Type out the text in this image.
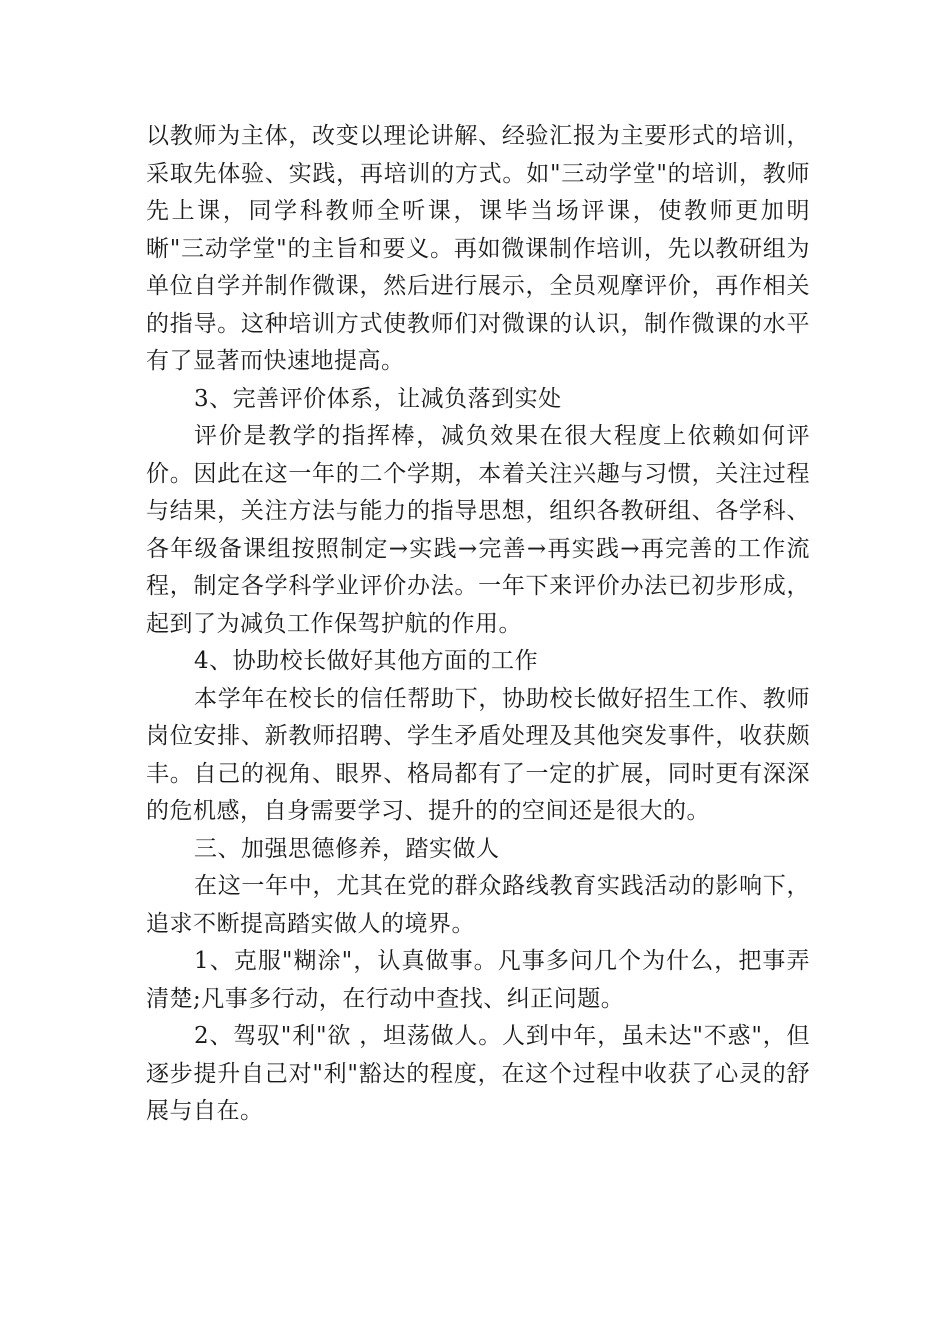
以教师为主体，改变以理论讲解、经验汇报为主要形式的培训，采取先体验、实践，再培训的方式。如"三动学堂"的培训，教师先上课，同学科教师全听课，课毕当场评课，使教师更加明晰"三动学堂"的主旨和要义。再如微课制作培训，先以教研组为单位自学并制作微课，然后进行展示，全员观摩评价，再作相关的指导。这种培训方式使教师们对微课的认识，制作微课的水平有了显著而快速地提高。

3、完善评价体系，让减负落到实处

评价是教学的指挥棒，减负效果在很大程度上依赖如何评价。因此在这一年的二个学期，本着关注兴趣与习惯，关注过程与结果，关注方法与能力的指导思想，组织各教研组、各学科、各年级备课组按照制定→实践→完善→再实践→再完善的工作流程，制定各学科学业评价办法。一年下来评价办法已初步形成，起到了为减负工作保驾护航的作用。

4、协助校长做好其他方面的工作

本学年在校长的信任帮助下，协助校长做好招生工作、教师岗位安排、新教师招聘、学生矛盾处理及其他突发事件，收获颇丰。自己的视角、眼界、格局都有了一定的扩展，同时更有深深的危机感，自身需要学习、提升的的空间还是很大的。

三、加强思德修养，踏实做人

在这一年中，尤其在党的群众路线教育实践活动的影响下，追求不断提高踏实做人的境界。

1、克服"糊涂"，认真做事。凡事多问几个为什么，把事弄清楚;凡事多行动，在行动中查找、纠正问题。

2、驾驭"利"欲 ，坦荡做人。人到中年，虽未达"不惑"，但逐步提升自己对"利"豁达的程度，在这个过程中收获了心灵的舒展与自在。
